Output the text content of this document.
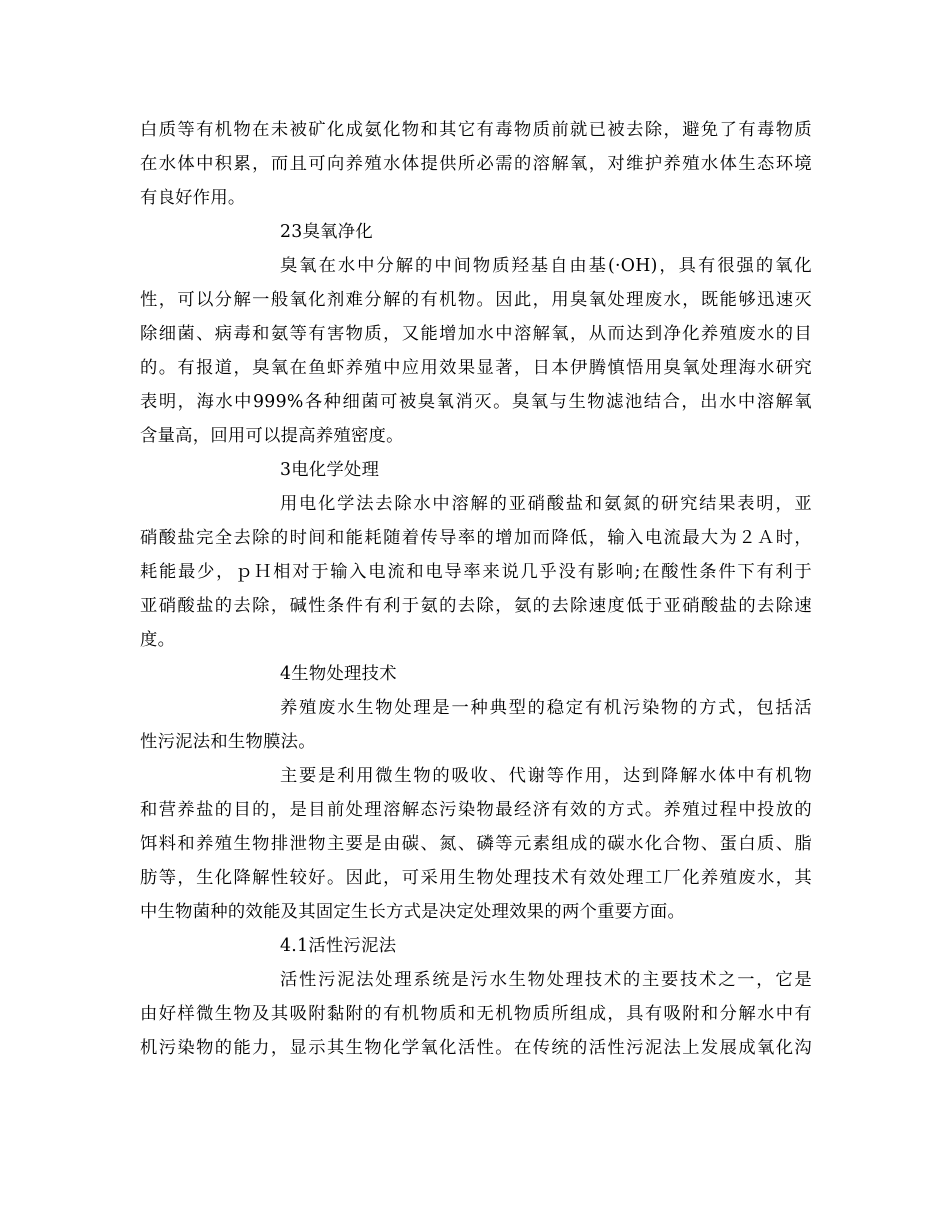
白质等有机物在未被矿化成氨化物和其它有毒物质前就已被去除，避免了有毒物质
在水体中积累，而且可向养殖水体提供所必需的溶解氧，对维护养殖水体生态环境
有良好作用。
23臭氧净化
臭氧在水中分解的中间物质羟基自由基(·OH)，具有很强的氧化
性，可以分解一般氧化剂难分解的有机物。因此，用臭氧处理废水，既能够迅速灭
除细菌、病毒和氨等有害物质，又能增加水中溶解氧，从而达到净化养殖废水的目
的。有报道，臭氧在鱼虾养殖中应用效果显著，日本伊腾慎悟用臭氧处理海水研究
表明，海水中999%各种细菌可被臭氧消灭。臭氧与生物滤池结合，出水中溶解氧
含量高，回用可以提高养殖密度。
3电化学处理
用电化学法去除水中溶解的亚硝酸盐和氨氮的研究结果表明，亚
硝酸盐完全去除的时间和能耗随着传导率的增加而降低，输入电流最大为２Ａ时，
耗能最少，ｐＨ相对于输入电流和电导率来说几乎没有影响;在酸性条件下有利于
亚硝酸盐的去除，碱性条件有利于氨的去除，氨的去除速度低于亚硝酸盐的去除速
度。
4生物处理技术
养殖废水生物处理是一种典型的稳定有机污染物的方式，包括活
性污泥法和生物膜法。
主要是利用微生物的吸收、代谢等作用，达到降解水体中有机物
和营养盐的目的，是目前处理溶解态污染物最经济有效的方式。养殖过程中投放的
饵料和养殖生物排泄物主要是由碳、氮、磷等元素组成的碳水化合物、蛋白质、脂
肪等，生化降解性较好。因此，可采用生物处理技术有效处理工厂化养殖废水，其
中生物菌种的效能及其固定生长方式是决定处理效果的两个重要方面。
4.1活性污泥法
活性污泥法处理系统是污水生物处理技术的主要技术之一，它是
由好样微生物及其吸附黏附的有机物质和无机物质所组成，具有吸附和分解水中有
机污染物的能力，显示其生物化学氧化活性。在传统的活性污泥法上发展成氧化沟
